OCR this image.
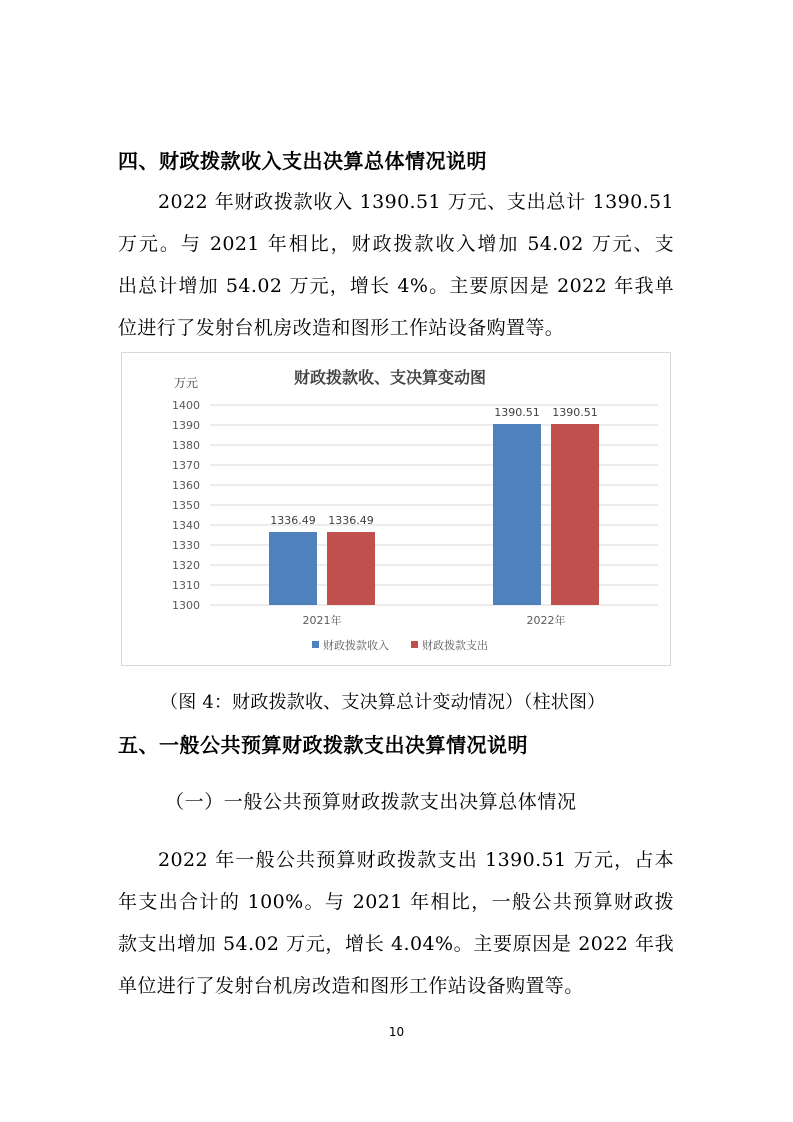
四、财政拨款收入支出决算总体情况说明
2022 年财政拨款收入 1390.51 万元、支出总计 1390.51
万元。与 2021 年相比，财政拨款收入增加 54.02 万元、支
出总计增加 54.02 万元，增长 4%。主要原因是 2022 年我单
位进行了发射台机房改造和图形工作站设备购置等。
财政拨款收、支决算变动图
万元
1300
1310
1320
1330
1340
1350
1360
1370
1380
1390
1400
1336.49 1336.49
1390.51 1390.51
2021年	2022年
财政拨款收入	财政拨款支出
（图 4：财政拨款收、支决算总计变动情况）（柱状图）
五、一般公共预算财政拨款支出决算情况说明
（一）一般公共预算财政拨款支出决算总体情况
2022 年一般公共预算财政拨款支出 1390.51 万元，占本
年支出合计的 100%。与 2021 年相比，一般公共预算财政拨
款支出增加 54.02 万元，增长 4.04%。主要原因是 2022 年我
单位进行了发射台机房改造和图形工作站设备购置等。
10
